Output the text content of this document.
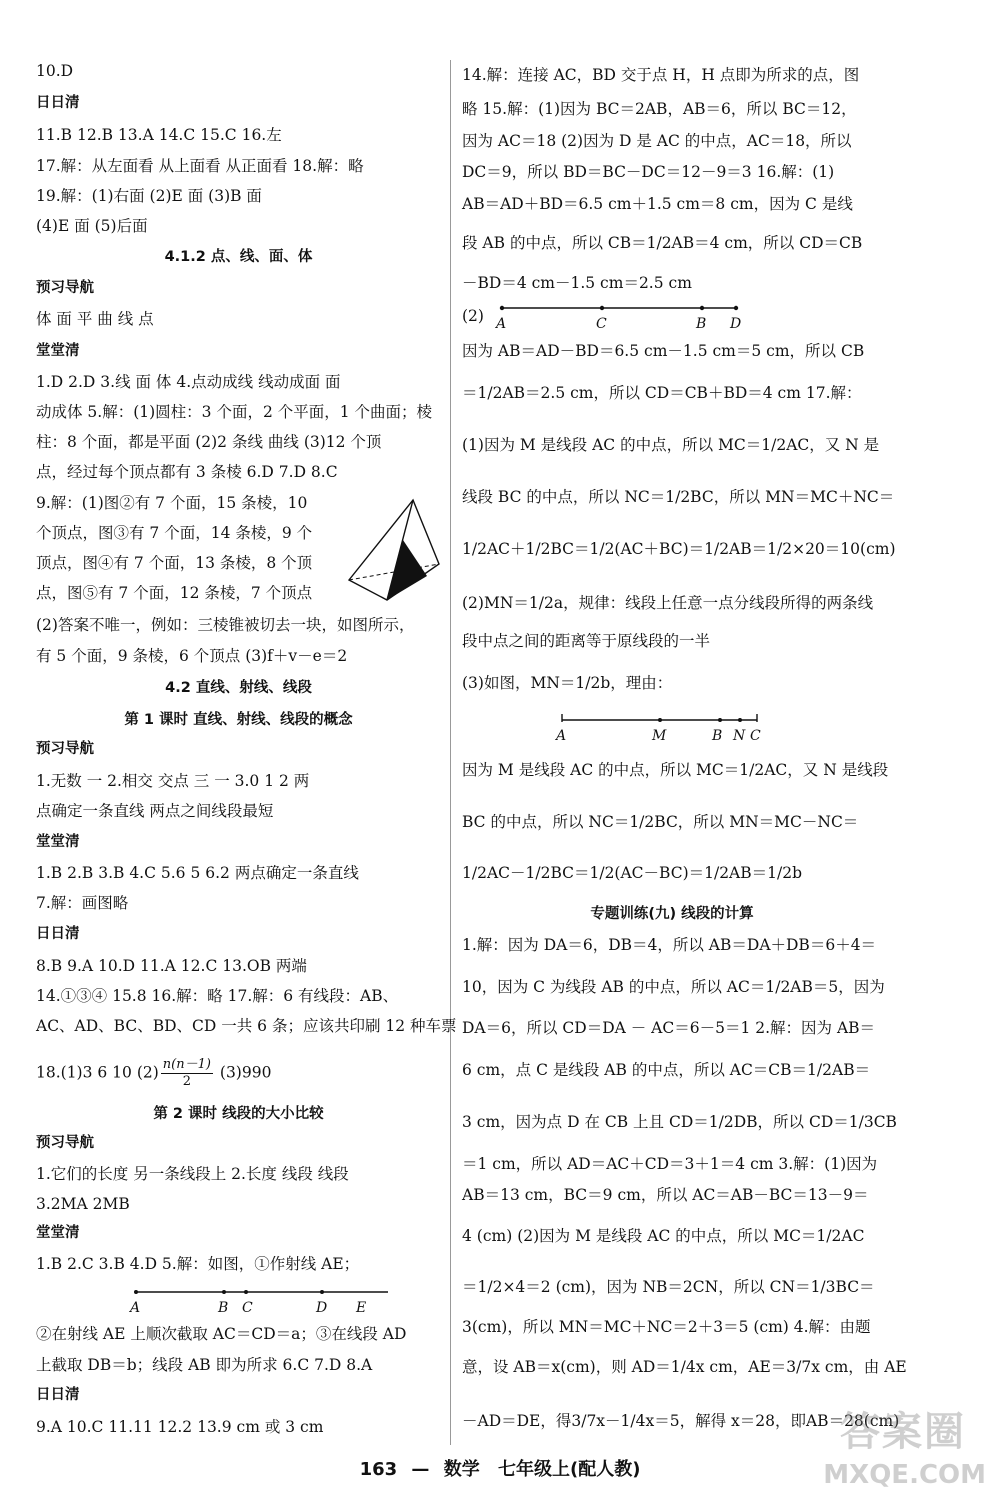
10.D
日日清
11.B 12.B 13.A 14.C 15.C 16.左
17.解：从左面看 从上面看 从正面看 18.解：略
19.解：(1)右面 (2)E 面 (3)B 面
(4)E 面 (5)后面
4.1.2 点、线、面、体
预习导航
体 面 平 曲 线 点
堂堂清
1.D 2.D 3.线 面 体 4.点动成线 线动成面 面
动成体 5.解：(1)圆柱：3 个面，2 个平面，1 个曲面；棱
柱：8 个面，都是平面 (2)2 条线 曲线 (3)12 个顶
点，经过每个顶点都有 3 条棱 6.D 7.D 8.C
9.解：(1)图②有 7 个面，15 条棱，10
个顶点，图③有 7 个面，14 条棱，9 个
顶点，图④有 7 个面，13 条棱，8 个顶
点，图⑤有 7 个面，12 条棱，7 个顶点
(2)答案不唯一，例如：三棱锥被切去一块，如图所示，
有 5 个面，9 条棱，6 个顶点 (3)f＋v－e＝2
4.2 直线、射线、线段
第 1 课时 直线、射线、线段的概念
预习导航
1.无数 一 2.相交 交点 三 一 3.0 1 2 两
点确定一条直线 两点之间线段最短
堂堂清
1.B 2.B 3.B 4.C 5.6 5 6.2 两点确定一条直线
7.解：画图略
日日清
8.B 9.A 10.D 11.A 12.C 13.OB 两端
14.①③④ 15.8 16.解：略 17.解：6 有线段：AB、
AC、AD、BC、BD、CD 一共 6 条；应该共印刷 12 种车票
18.(1)3 6 10 $(2) \frac{n(n-1)}{2} (3)990$
第 2 课时 线段的大小比较
预习导航
1.它们的长度 另一条线段上 2.长度 线段 线段
3.2MA 2MB
堂堂清
1.B 2.C 3.B 4.D 5.解：如图，①作射线 AE；
A	B C	D E
②在射线 AE 上顺次截取 AC＝CD＝a；③在线段 AD
上截取 DB＝b；线段 AB 即为所求 6.C 7.D 8.A
日日清
9.A 10.C 11.11 12.2 13.9 cm 或 3 cm
14.解：连接 AC，BD 交于点 H，H 点即为所求的点，图
略 15.解：(1)因为 BC＝2AB，AB＝6，所以 BC＝12，
因为 AC＝18 (2)因为 D 是 AC 的中点，AC＝18，所以
DC＝9，所以 BD＝BC－DC＝12－9＝3 16.解：(1)
AB＝AD＋BD＝6.5 cm＋1.5 cm＝8 cm，因为 C 是线
段 AB 的中点，所以 CB＝1/2AB＝4 cm，所以 CD＝CB
－BD＝4 cm－1.5 cm＝2.5 cm
(2) A	C	B D
因为 AB＝AD－BD＝6.5 cm－1.5 cm＝5 cm，所以 CB
＝1/2AB＝2.5 cm，所以 CD＝CB＋BD＝4 cm 17.解：
(1)因为 M 是线段 AC 的中点，所以 MC＝1/2AC，又 N 是
线段 BC 的中点，所以 NC＝1/2BC，所以 MN＝MC＋NC＝
1/2AC＋1/2BC＝1/2(AC＋BC)＝1/2AB＝1/2×20＝10(cm)
(2)MN＝1/2a，规律：线段上任意一点分线段所得的两条线
段中点之间的距离等于原线段的一半
(3)如图，MN＝1/2b，理由：
A	M	B N C
因为 M 是线段 AC 的中点，所以 MC＝1/2AC，又 N 是线段
BC 的中点，所以 NC＝1/2BC，所以 MN＝MC－NC＝
1/2AC－1/2BC＝1/2(AC－BC)＝1/2AB＝1/2b
专题训练(九) 线段的计算
1.解：因为 DA＝6，DB＝4，所以 AB＝DA＋DB＝6＋4＝
10，因为 C 为线段 AB 的中点，所以 AC＝1/2AB＝5，因为
DA＝6，所以 CD＝DA － AC＝6－5＝1 2.解：因为 AB＝
6 cm，点 C 是线段 AB 的中点，所以 AC＝CB＝1/2AB＝
3 cm，因为点 D 在 CB 上且 CD＝1/2DB，所以 CD＝1/3CB
＝1 cm，所以 AD＝AC＋CD＝3＋1＝4 cm 3.解：(1)因为
AB＝13 cm，BC＝9 cm，所以 AC＝AB－BC＝13－9＝
4 (cm) (2)因为 M 是线段 AC 的中点，所以 MC＝1/2AC
＝1/2×4＝2 (cm)，因为 NB＝2CN，所以 CN＝1/3BC＝
3(cm)，所以 MN＝MC＋NC＝2＋3＝5 (cm) 4.解：由题
意，设 AB＝x(cm)，则 AD＝1/4x cm，AE＝3/7x cm，由 AE
－AD＝DE，得3/7x－1/4x＝5，解得 x＝28，即AB＝28(cm)
163 — 数学 七年级上(配人教)
答案圈
MXQE.COM
